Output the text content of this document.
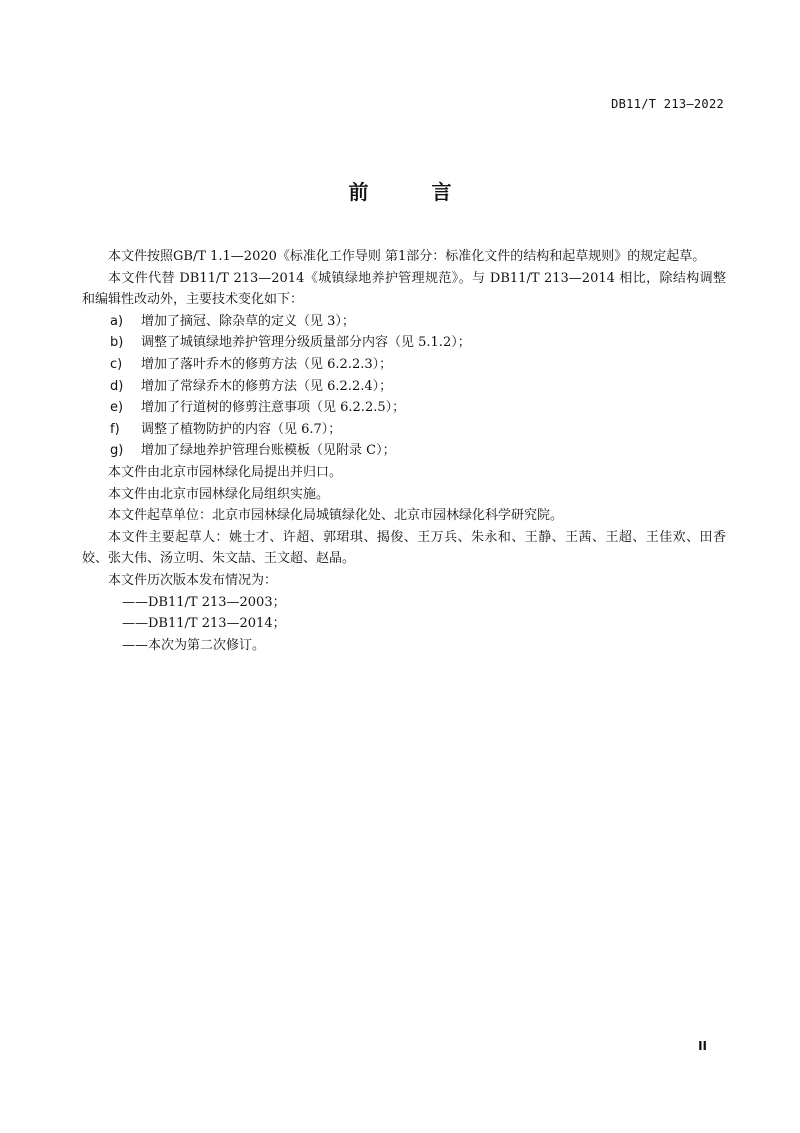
DB11/T 213—2022
前 言

本文件按照GB/T 1.1—2020《标准化工作导则 第1部分：标准化文件的结构和起草规则》的规定起草。

本文件代替 DB11/T 213—2014《城镇绿地养护管理规范》。与 DB11/T 213—2014 相比，除结构调整和编辑性改动外，主要技术变化如下：

a)	增加了摘冠、除杂草的定义（见 3）；
b)	调整了城镇绿地养护管理分级质量部分内容（见 5.1.2）；
c)	增加了落叶乔木的修剪方法（见 6.2.2.3）；
d)	增加了常绿乔木的修剪方法（见 6.2.2.4）；
e)	增加了行道树的修剪注意事项（见 6.2.2.5）；
f)	调整了植物防护的内容（见 6.7）；
g)	增加了绿地养护管理台账模板（见附录 C）；

本文件由北京市园林绿化局提出并归口。

本文件由北京市园林绿化局组织实施。

本文件起草单位：北京市园林绿化局城镇绿化处、北京市园林绿化科学研究院。

本文件主要起草人：姚士才、许超、郭珺琪、揭俊、王万兵、朱永和、王静、王茜、王超、王佳欢、田香姣、张大伟、汤立明、朱文喆、王文超、赵晶。

本文件历次版本发布情况为：

——DB11/T 213—2003；

——DB11/T 213—2014；

——本次为第二次修订。

II
